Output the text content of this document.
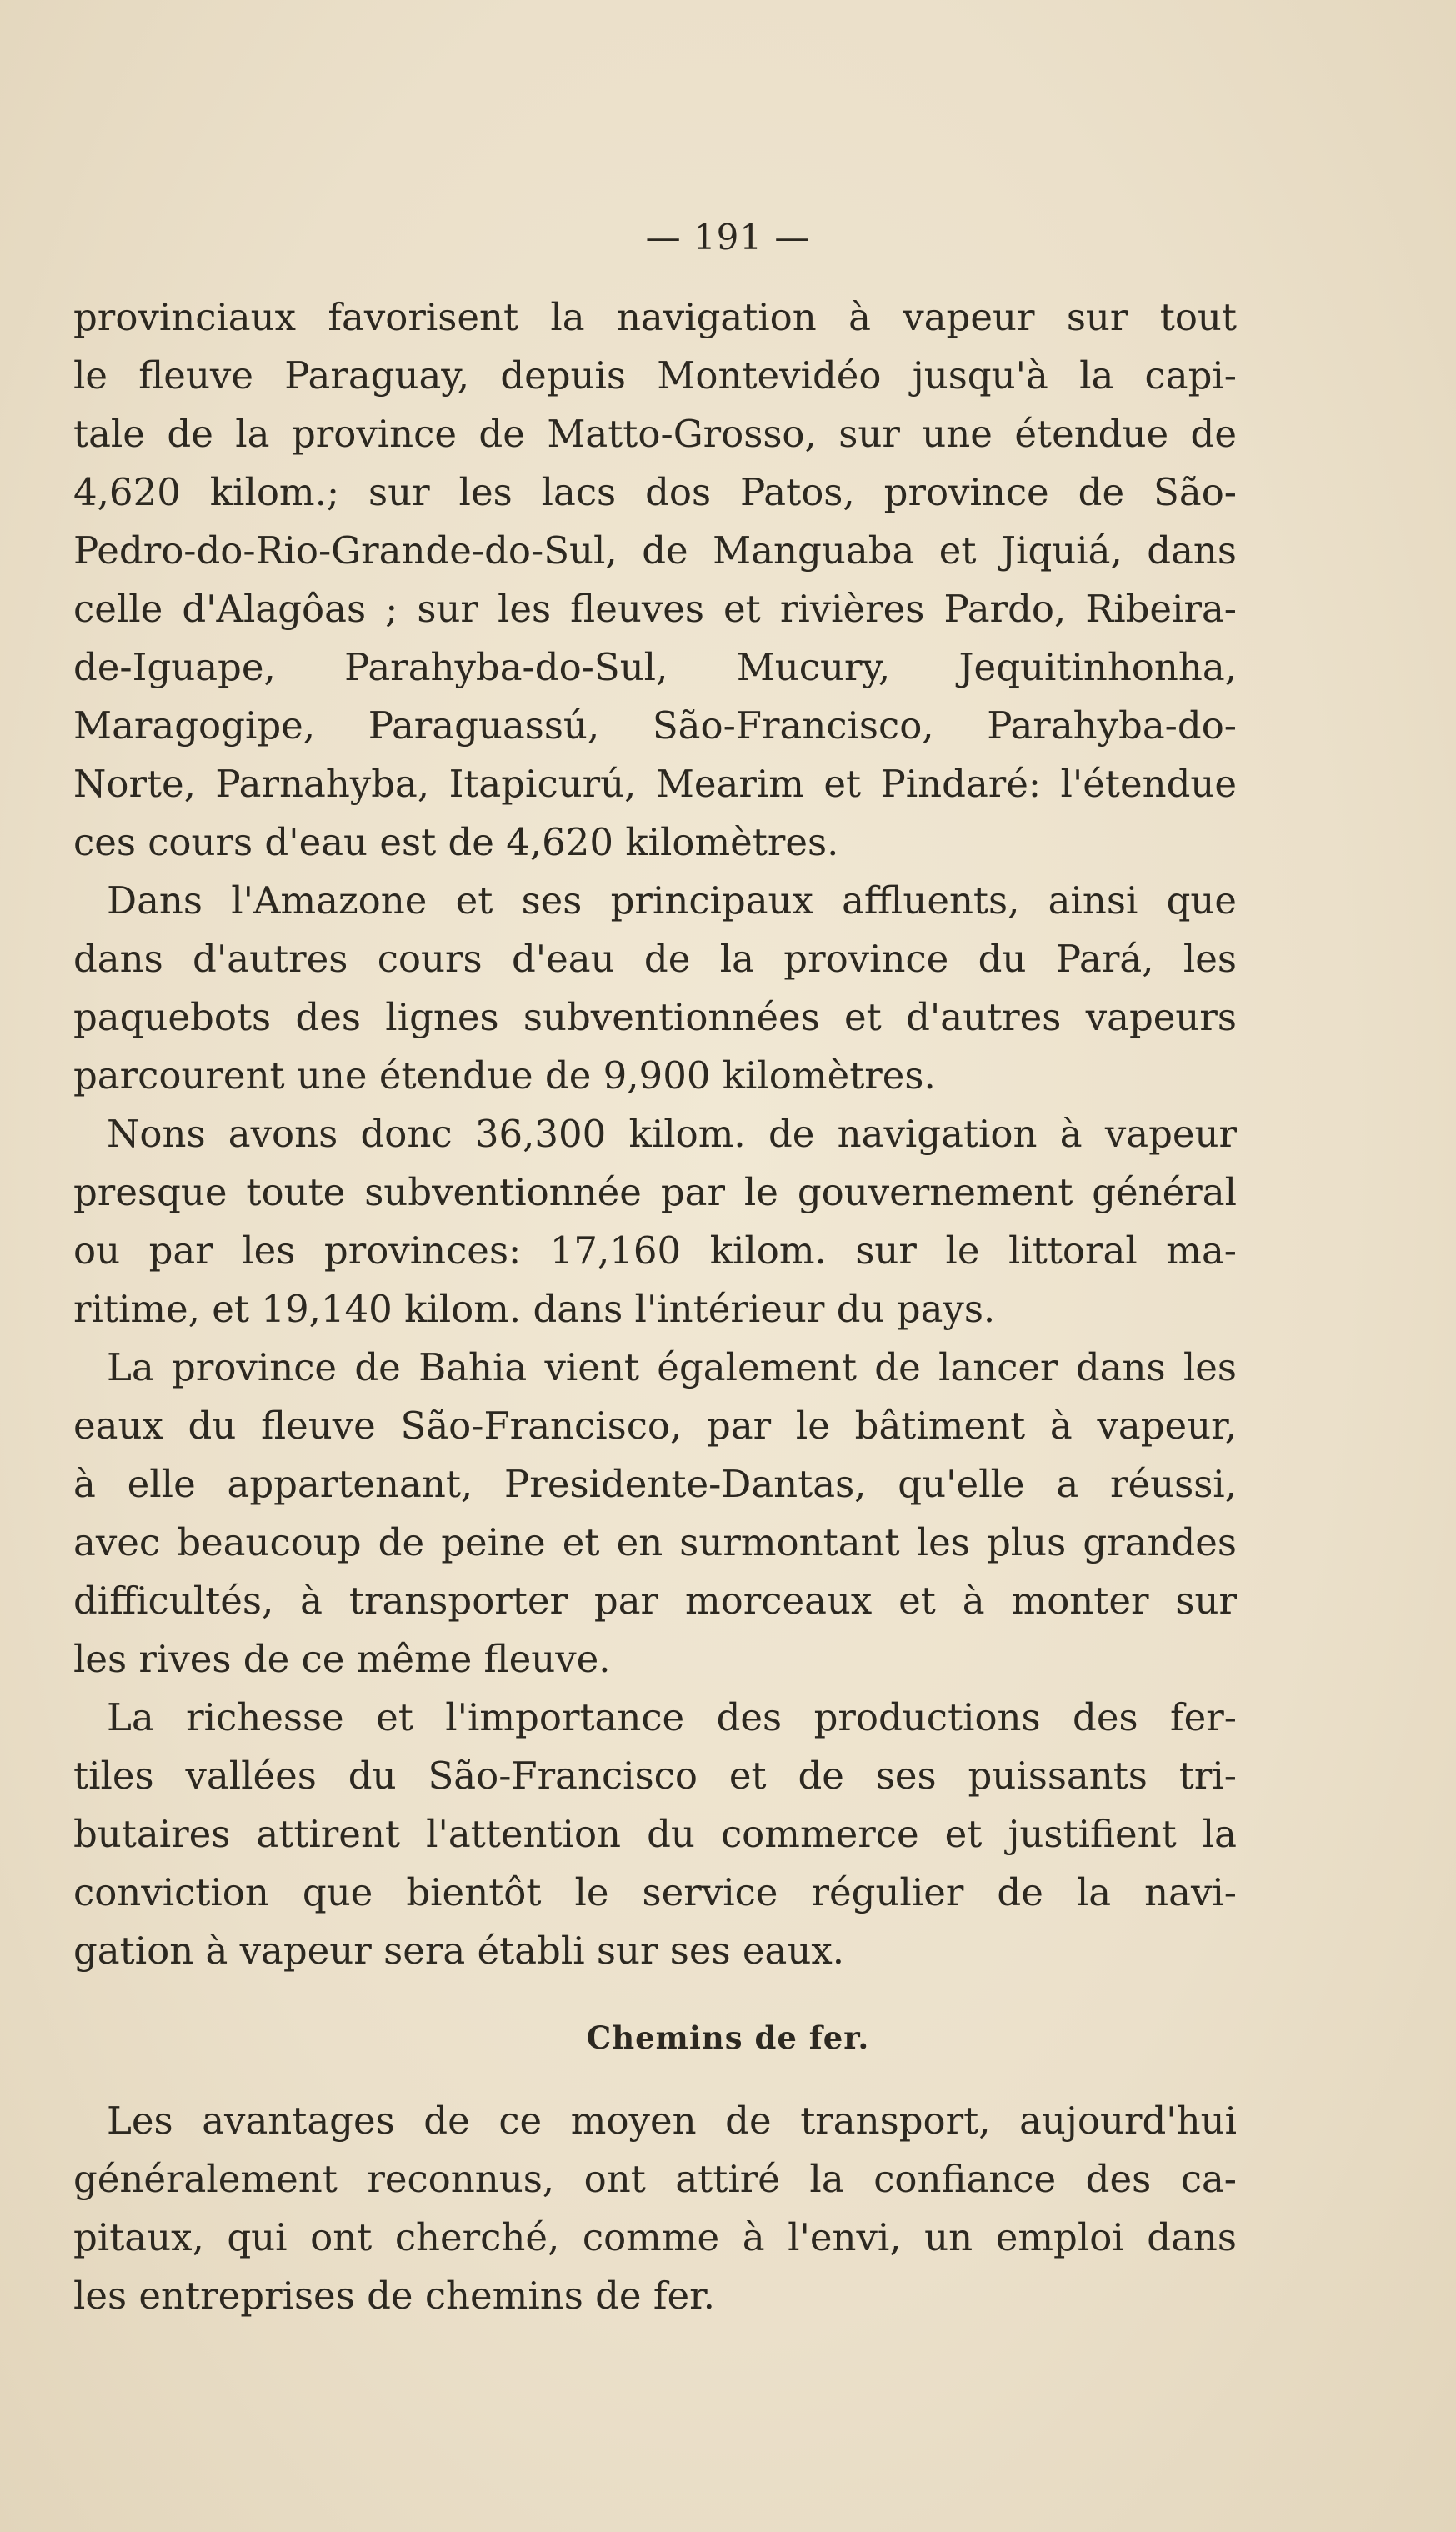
— 191 —
provinciaux favorisent la navigation à vapeur sur tout
le fleuve Paraguay, depuis Montevidéo jusqu'à la capi-
tale de la province de Matto-Grosso, sur une étendue de
4,620 kilom.; sur les lacs dos Patos, province de São-
Pedro-do-Rio-Grande-do-Sul, de Manguaba et Jiquiá, dans
celle d'Alagôas ; sur les fleuves et rivières Pardo, Ribeira-
de-Iguape, Parahyba-do-Sul, Mucury, Jequitinhonha,
Maragogipe, Paraguassú, São-Francisco, Parahyba-do-
Norte, Parnahyba, Itapicurú, Mearim et Pindaré: l'étendue
ces cours d'eau est de 4,620 kilomètres.
Dans l'Amazone et ses principaux affluents, ainsi que
dans d'autres cours d'eau de la province du Pará, les
paquebots des lignes subventionnées et d'autres vapeurs
parcourent une étendue de 9,900 kilomètres.
Nons avons donc 36,300 kilom. de navigation à vapeur
presque toute subventionnée par le gouvernement général
ou par les provinces: 17,160 kilom. sur le littoral ma-
ritime, et 19,140 kilom. dans l'intérieur du pays.
La province de Bahia vient également de lancer dans les
eaux du fleuve São-Francisco, par le bâtiment à vapeur,
à elle appartenant, Presidente-Dantas, qu'elle a réussi,
avec beaucoup de peine et en surmontant les plus grandes
difficultés, à transporter par morceaux et à monter sur
les rives de ce même fleuve.
La richesse et l'importance des productions des fer-
tiles vallées du São-Francisco et de ses puissants tri-
butaires attirent l'attention du commerce et justifient la
conviction que bientôt le service régulier de la navi-
gation à vapeur sera établi sur ses eaux.
Chemins de fer.
Les avantages de ce moyen de transport, aujourd'hui
généralement reconnus, ont attiré la confiance des ca-
pitaux, qui ont cherché, comme à l'envi, un emploi dans
les entreprises de chemins de fer.
